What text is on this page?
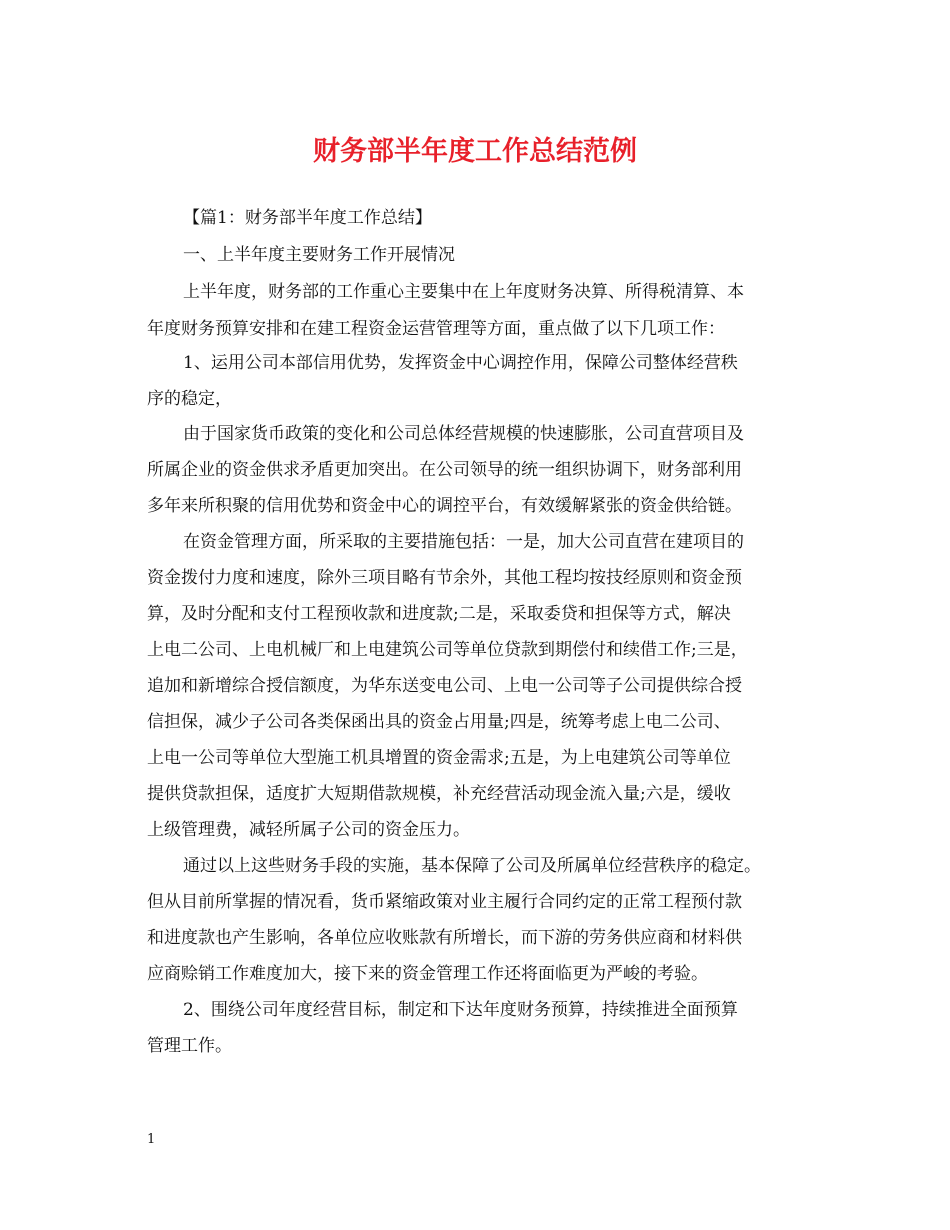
财务部半年度工作总结范例
【篇1：财务部半年度工作总结】
一、上半年度主要财务工作开展情况
上半年度，财务部的工作重心主要集中在上年度财务决算、所得税清算、本
年度财务预算安排和在建工程资金运营管理等方面，重点做了以下几项工作：
1、运用公司本部信用优势，发挥资金中心调控作用，保障公司整体经营秩
序的稳定，
由于国家货币政策的变化和公司总体经营规模的快速膨胀，公司直营项目及
所属企业的资金供求矛盾更加突出。在公司领导的统一组织协调下，财务部利用
多年来所积聚的信用优势和资金中心的调控平台，有效缓解紧张的资金供给链。
在资金管理方面，所采取的主要措施包括：一是，加大公司直营在建项目的
资金拨付力度和速度，除外三项目略有节余外，其他工程均按技经原则和资金预
算，及时分配和支付工程预收款和进度款;二是，采取委贷和担保等方式，解决
上电二公司、上电机械厂和上电建筑公司等单位贷款到期偿付和续借工作;三是，
追加和新增综合授信额度，为华东送变电公司、上电一公司等子公司提供综合授
信担保，减少子公司各类保函出具的资金占用量;四是，统筹考虑上电二公司、
上电一公司等单位大型施工机具增置的资金需求;五是，为上电建筑公司等单位
提供贷款担保，适度扩大短期借款规模，补充经营活动现金流入量;六是，缓收
上级管理费，减轻所属子公司的资金压力。
通过以上这些财务手段的实施，基本保障了公司及所属单位经营秩序的稳定。
但从目前所掌握的情况看，货币紧缩政策对业主履行合同约定的正常工程预付款
和进度款也产生影响，各单位应收账款有所增长，而下游的劳务供应商和材料供
应商赊销工作难度加大，接下来的资金管理工作还将面临更为严峻的考验。
2、围绕公司年度经营目标，制定和下达年度财务预算，持续推进全面预算
管理工作。
1
